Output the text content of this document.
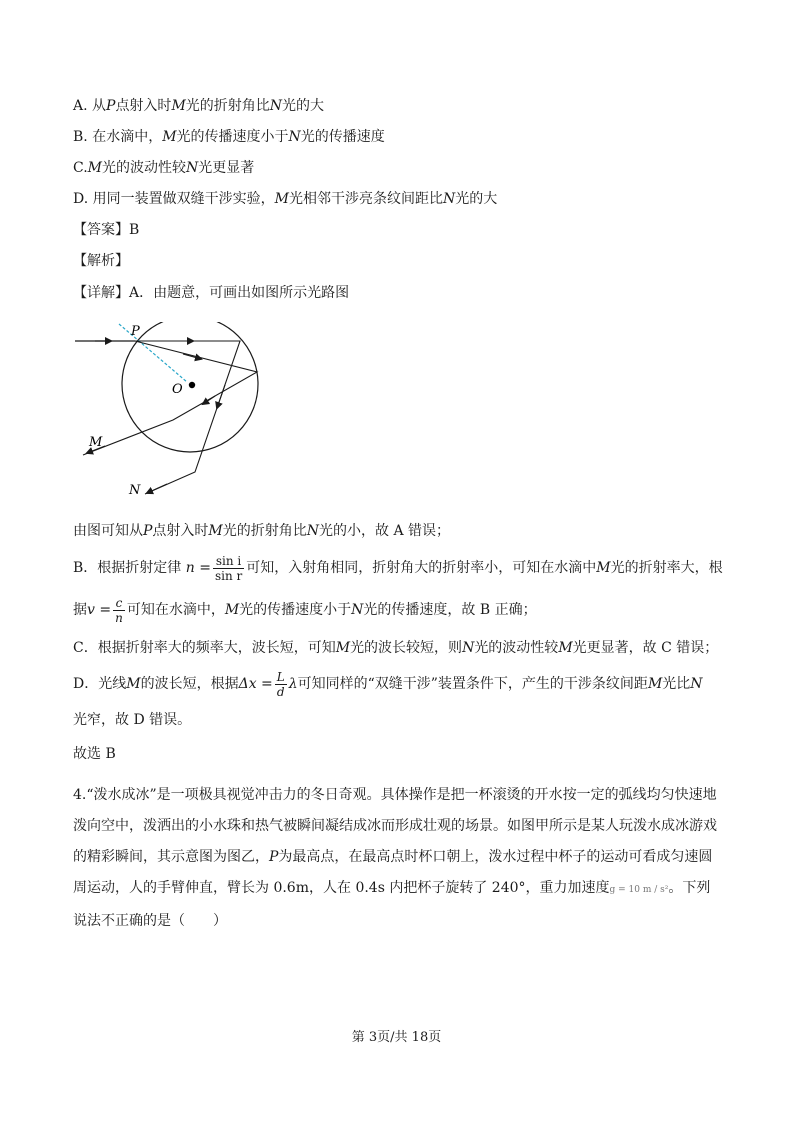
A. 从P点射入时M光的折射角比N光的大
B. 在水滴中，M光的传播速度小于N光的传播速度
C.M光的波动性较N光更显著
D. 用同一装置做双缝干涉实验，M光相邻干涉亮条纹间距比N光的大
【答案】B
【解析】
【详解】A．由题意，可画出如图所示光路图
P
O
M
N
由图可知从P点射入时M光的折射角比N光的小，故 A 错误；
B．根据折射定律 $n = \frac{\text{sin i}}{\text{sin r}}$ 可知，入射角相同，折射角大的折射率小，可知在水滴中M光的折射率大，根
据$v = \frac{c}{n}$ 可知在水滴中，M光的传播速度小于N光的传播速度，故 B 正确；
C．根据折射率大的频率大，波长短，可知M光的波长较短，则N光的波动性较M光更显著，故 C 错误；
D．光线M的波长短，根据$\Delta x = \frac{L}{d}$ λ可知同样的“双缝干涉”装置条件下，产生的干涉条纹间距M光比N
光窄，故 D 错误。
故选 B
4.“泼水成冰”是一项极具视觉冲击力的冬日奇观。具体操作是把一杯滚烫的开水按一定的弧线均匀快速地泼向空中，泼洒出的小水珠和热气被瞬间凝结成冰而形成壮观的场景。如图甲所示是某人玩泼水成冰游戏的精彩瞬间，其示意图为图乙，P为最高点，在最高点时杯口朝上，泼水过程中杯子的运动可看成匀速圆周运动，人的手臂伸直，臂长为 0.6m，人在 0.4s 内把杯子旋转了 240°，重力加速度g = 10 m / s²。下列说法不正确的是（　　）
第 3页/共 18页
